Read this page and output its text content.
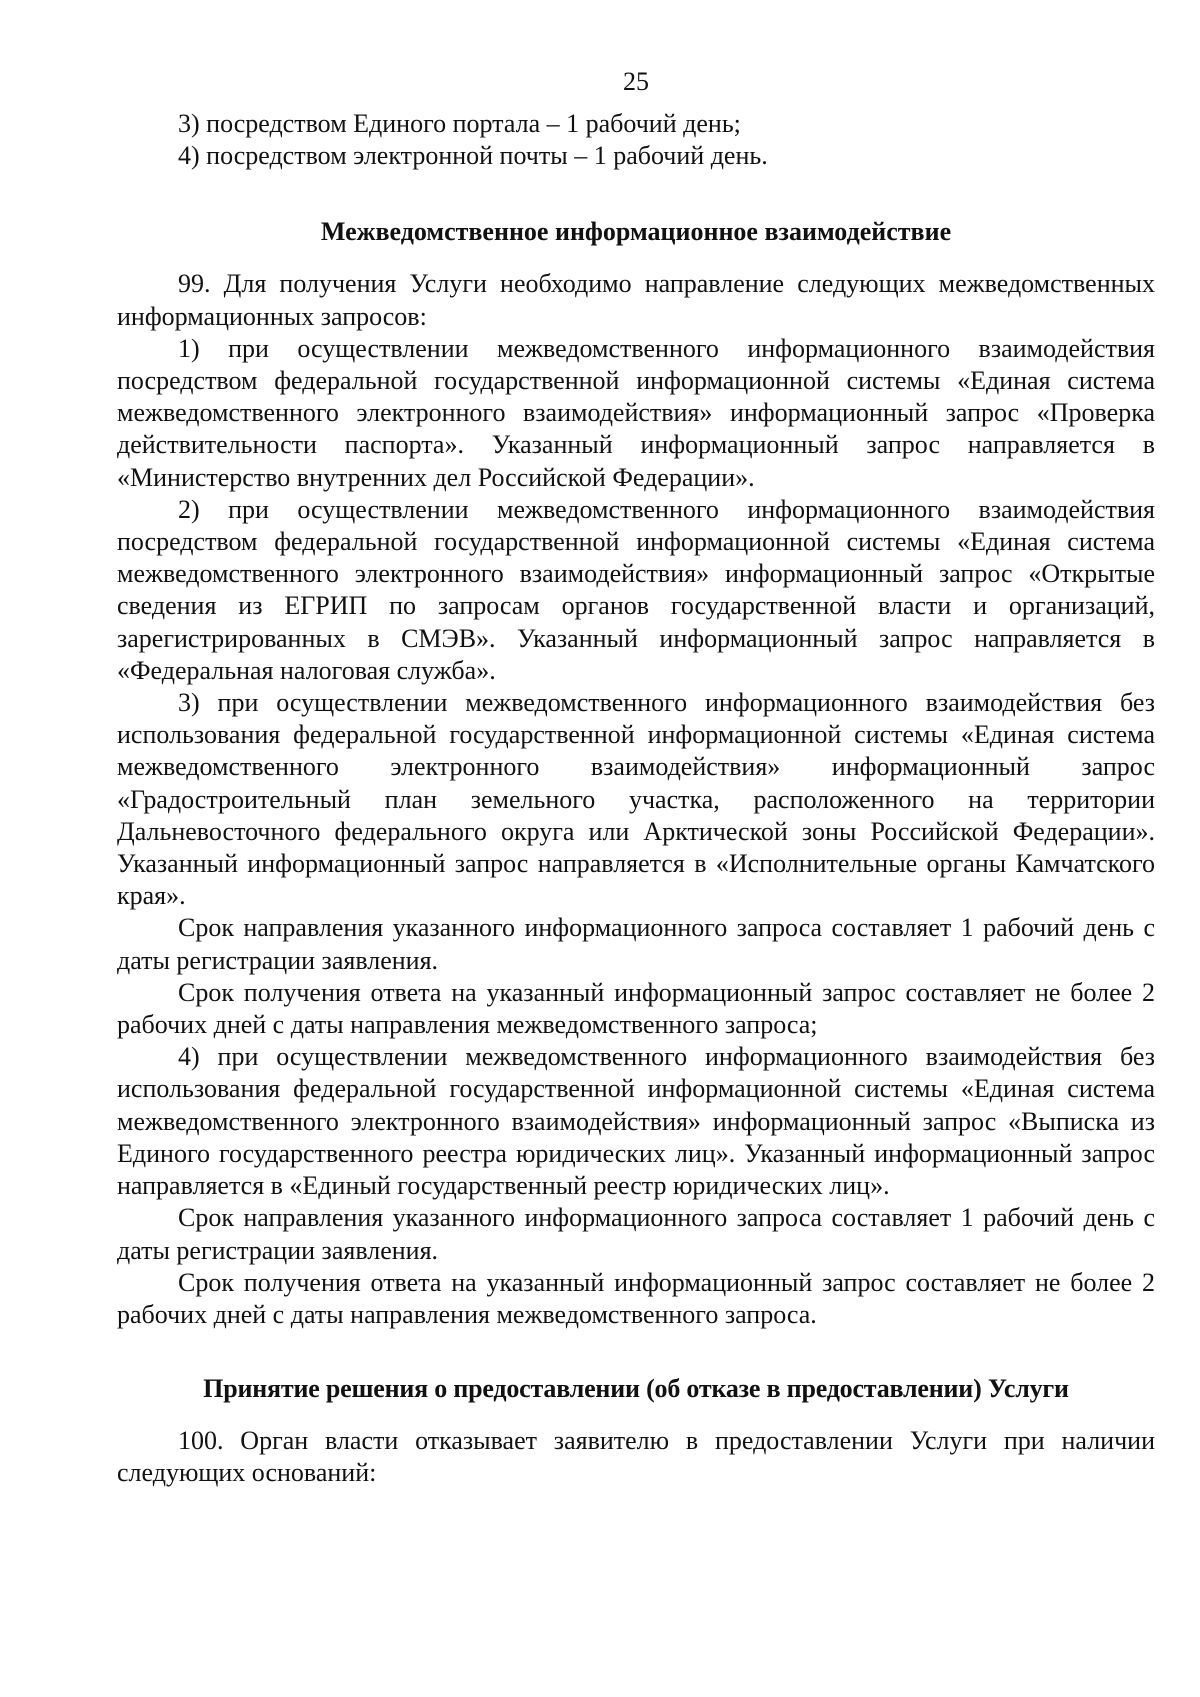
25

3) посредством Единого портала – 1 рабочий день;

4) посредством электронной почты – 1 рабочий день.

Межведомственное информационное взаимодействие

99. Для получения Услуги необходимо направление следующих межведомственных информационных запросов:

1) при осуществлении межведомственного информационного взаимодействия посредством федеральной государственной информационной системы «Единая система межведомственного электронного взаимодействия» информационный запрос «Проверка действительности паспорта». Указанный информационный запрос направляется в «Министерство внутренних дел Российской Федерации».

2) при осуществлении межведомственного информационного взаимодействия посредством федеральной государственной информационной системы «Единая система межведомственного электронного взаимодействия» информационный запрос «Открытые сведения из ЕГРИП по запросам органов государственной власти и организаций, зарегистрированных в СМЭВ». Указанный информационный запрос направляется в «Федеральная налоговая служба».

3) при осуществлении межведомственного информационного взаимодействия без использования федеральной государственной информационной системы «Единая система межведомственного электронного взаимодействия» информационный запрос «Градостроительный план земельного участка, расположенного на территории Дальневосточного федерального округа или Арктической зоны Российской Федерации». Указанный информационный запрос направляется в «Исполнительные органы Камчатского края».

Срок направления указанного информационного запроса составляет 1 рабочий день с даты регистрации заявления.

Срок получения ответа на указанный информационный запрос составляет не более 2 рабочих дней с даты направления межведомственного запроса;

4) при осуществлении межведомственного информационного взаимодействия без использования федеральной государственной информационной системы «Единая система межведомственного электронного взаимодействия» информационный запрос «Выписка из Единого государственного реестра юридических лиц». Указанный информационный запрос направляется в «Единый государственный реестр юридических лиц».

Срок направления указанного информационного запроса составляет 1 рабочий день с даты регистрации заявления.

Срок получения ответа на указанный информационный запрос составляет не более 2 рабочих дней с даты направления межведомственного запроса.

Принятие решения о предоставлении (об отказе в предоставлении) Услуги

100. Орган власти отказывает заявителю в предоставлении Услуги при наличии следующих оснований:
